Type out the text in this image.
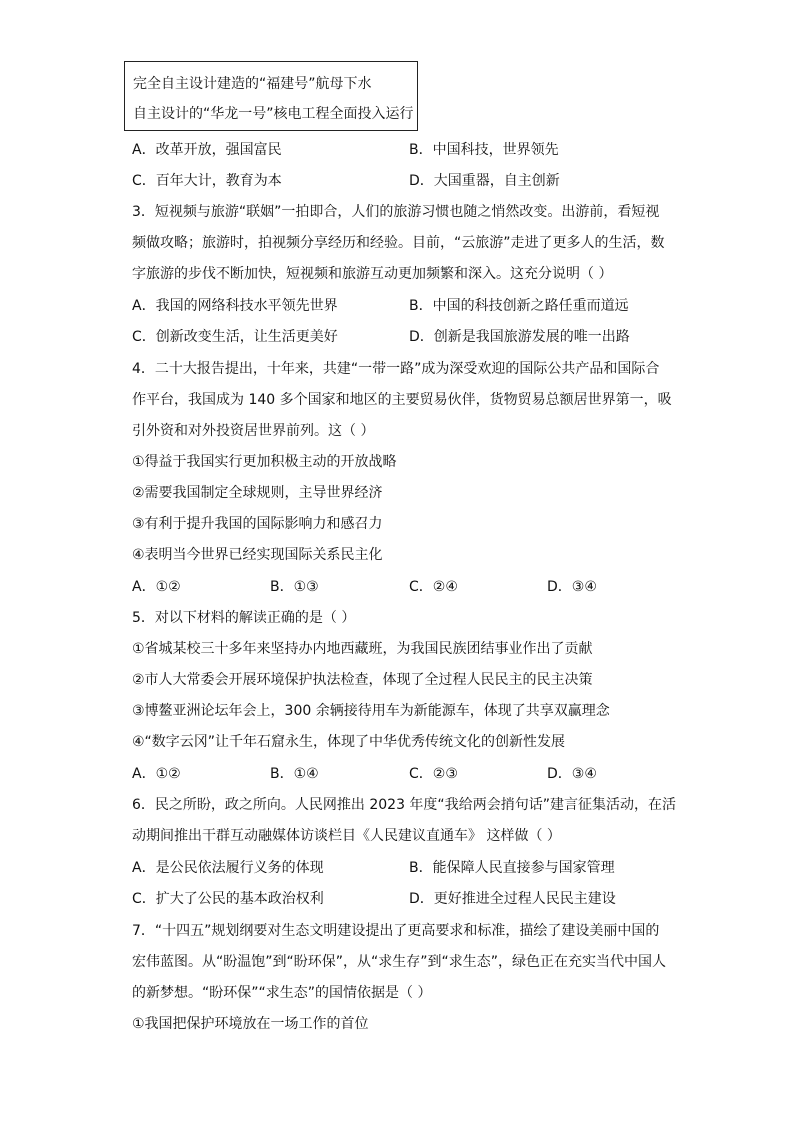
完全自主设计建造的“福建号”航母下水
自主设计的“华龙一号”核电工程全面投入运行
A．改革开放，强国富民	B．中国科技，世界领先
C．百年大计，教育为本	D．大国重器，自主创新
3．短视频与旅游“联姻”一拍即合，人们的旅游习惯也随之悄然改变。出游前，看短视
频做攻略；旅游时，拍视频分享经历和经验。目前，“云旅游”走进了更多人的生活，数
字旅游的步伐不断加快，短视频和旅游互动更加频繁和深入。这充分说明（ ）
A．我国的网络科技水平领先世界	B．中国的科技创新之路任重而道远
C．创新改变生活，让生活更美好	D．创新是我国旅游发展的唯一出路
4．二十大报告提出，十年来，共建“一带一路”成为深受欢迎的国际公共产品和国际合
作平台，我国成为 140 多个国家和地区的主要贸易伙伴，货物贸易总额居世界第一，吸
引外资和对外投资居世界前列。这（ ）
①得益于我国实行更加积极主动的开放战略
②需要我国制定全球规则，主导世界经济
③有利于提升我国的国际影响力和感召力
④表明当今世界已经实现国际关系民主化
A．①②	B．①③	C．②④	D．③④
5．对以下材料的解读正确的是（ ）
①省城某校三十多年来坚持办内地西藏班，为我国民族团结事业作出了贡献
②市人大常委会开展环境保护执法检查，体现了全过程人民民主的民主决策
③博鳌亚洲论坛年会上，300 余辆接待用车为新能源车，体现了共享双赢理念
④“数字云冈”让千年石窟永生，体现了中华优秀传统文化的创新性发展
A．①②	B．①④	C．②③	D．③④
6．民之所盼，政之所向。人民网推出 2023 年度“我给两会捎句话”建言征集活动，在活
动期间推出干群互动融媒体访谈栏目《人民建议直通车》 这样做（ ）
A．是公民依法履行义务的体现	B．能保障人民直接参与国家管理
C．扩大了公民的基本政治权利	D．更好推进全过程人民民主建设
7．“十四五”规划纲要对生态文明建设提出了更高要求和标准，描绘了建设美丽中国的
宏伟蓝图。从“盼温饱”到“盼环保”，从“求生存”到“求生态”，绿色正在充实当代中国人
的新梦想。“盼环保”“求生态”的国情依据是（ ）
①我国把保护环境放在一场工作的首位
